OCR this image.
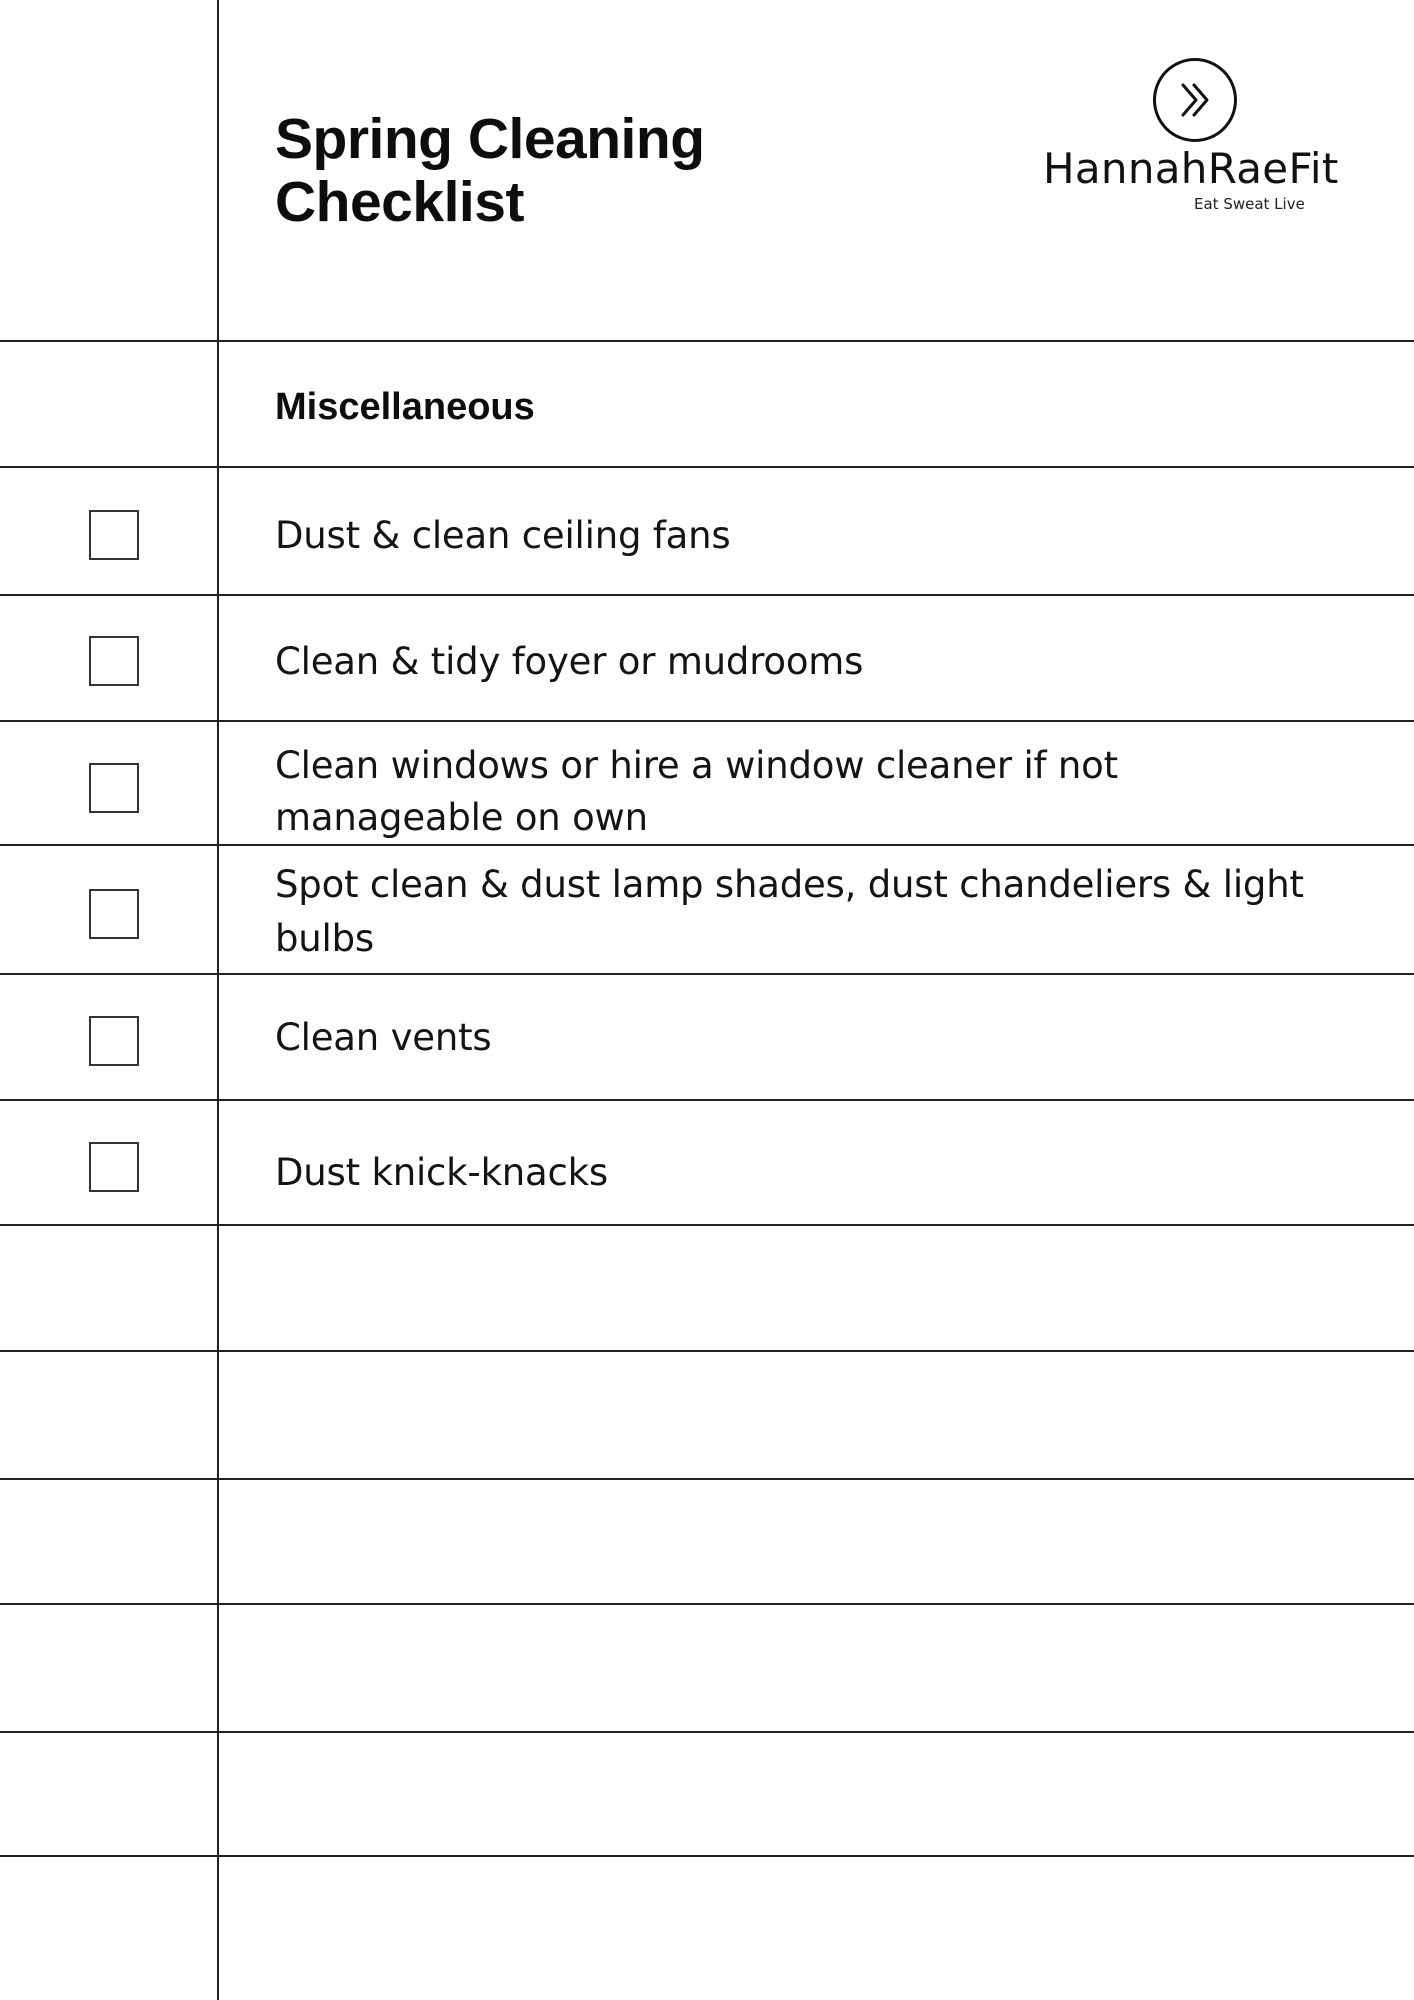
Spring Cleaning
Checklist
HannahRaeFit
Eat Sweat Live
Miscellaneous
Dust & clean ceiling fans
Clean & tidy foyer or mudrooms
Clean windows or hire a window cleaner if not
manageable on own
Spot clean & dust lamp shades, dust chandeliers & light
bulbs
Clean vents
Dust knick-knacks
